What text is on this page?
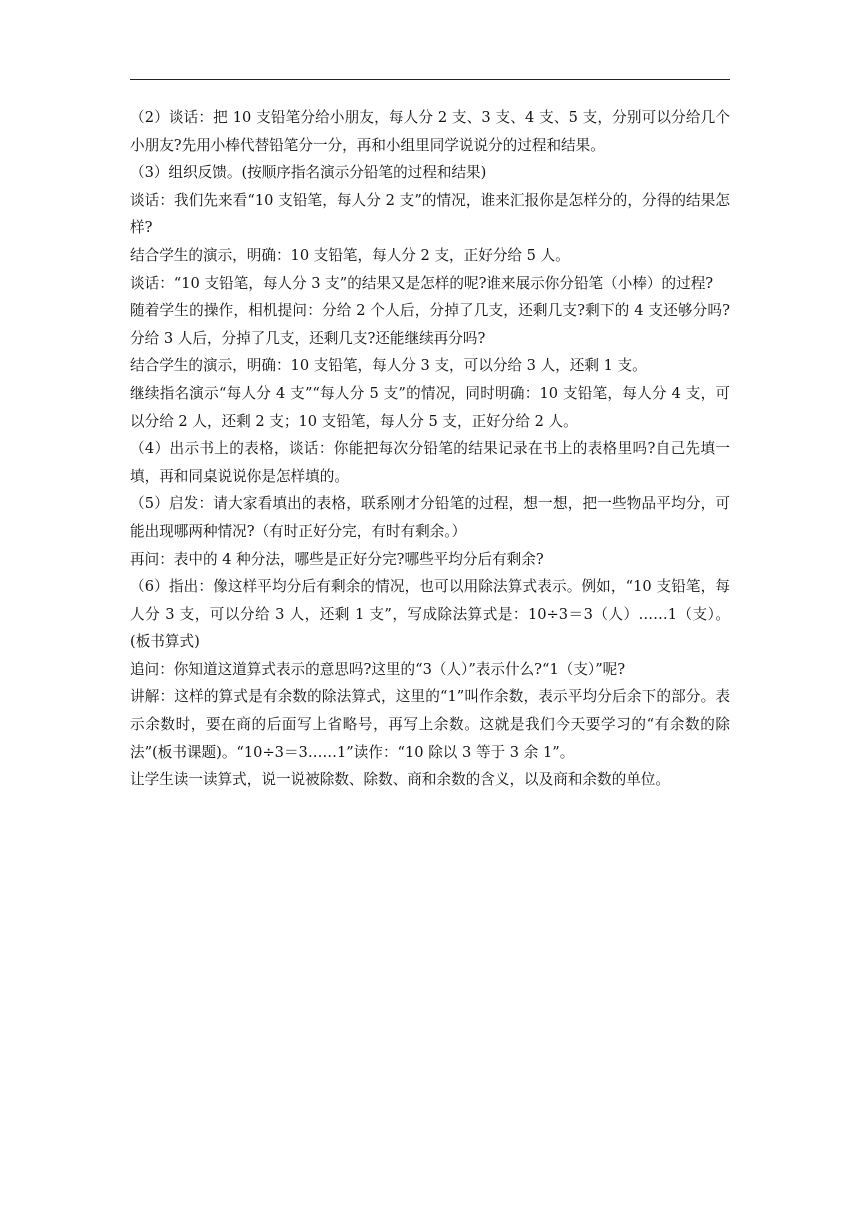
（2）谈话：把 10 支铅笔分给小朋友，每人分 2 支、3 支、4 支、5 支，分别可以分给几个小朋友?先用小棒代替铅笔分一分，再和小组里同学说说分的过程和结果。

（3）组织反馈。(按顺序指名演示分铅笔的过程和结果)

谈话：我们先来看“10 支铅笔，每人分 2 支”的情况，谁来汇报你是怎样分的，分得的结果怎样?

结合学生的演示，明确：10 支铅笔，每人分 2 支，正好分给 5 人。

谈话：“10 支铅笔，每人分 3 支”的结果又是怎样的呢?谁来展示你分铅笔（小棒）的过程?

随着学生的操作，相机提问：分给 2 个人后，分掉了几支，还剩几支?剩下的 4 支还够分吗?分给 3 人后，分掉了几支，还剩几支?还能继续再分吗?

结合学生的演示，明确：10 支铅笔，每人分 3 支，可以分给 3 人，还剩 1 支。

继续指名演示“每人分 4 支”“每人分 5 支”的情况，同时明确：10 支铅笔，每人分 4 支，可以分给 2 人，还剩 2 支；10 支铅笔，每人分 5 支，正好分给 2 人。

（4）出示书上的表格，谈话：你能把每次分铅笔的结果记录在书上的表格里吗?自己先填一填，再和同桌说说你是怎样填的。

（5）启发：请大家看填出的表格，联系刚才分铅笔的过程，想一想，把一些物品平均分，可能出现哪两种情况?（有时正好分完，有时有剩余。）

再问：表中的 4 种分法，哪些是正好分完?哪些平均分后有剩余?

（6）指出：像这样平均分后有剩余的情况，也可以用除法算式表示。例如，“10 支铅笔，每人分 3 支，可以分给 3 人，还剩 1 支”，写成除法算式是：10÷3＝3（人）……1（支）。(板书算式)

追问：你知道这道算式表示的意思吗?这里的“3（人）”表示什么?“1（支）”呢?

讲解：这样的算式是有余数的除法算式，这里的“1”叫作余数，表示平均分后余下的部分。表示余数时，要在商的后面写上省略号，再写上余数。这就是我们今天要学习的“有余数的除法”(板书课题)。“10÷3＝3……1”读作：“10 除以 3 等于 3 余 1”。

让学生读一读算式，说一说被除数、除数、商和余数的含义，以及商和余数的单位。
